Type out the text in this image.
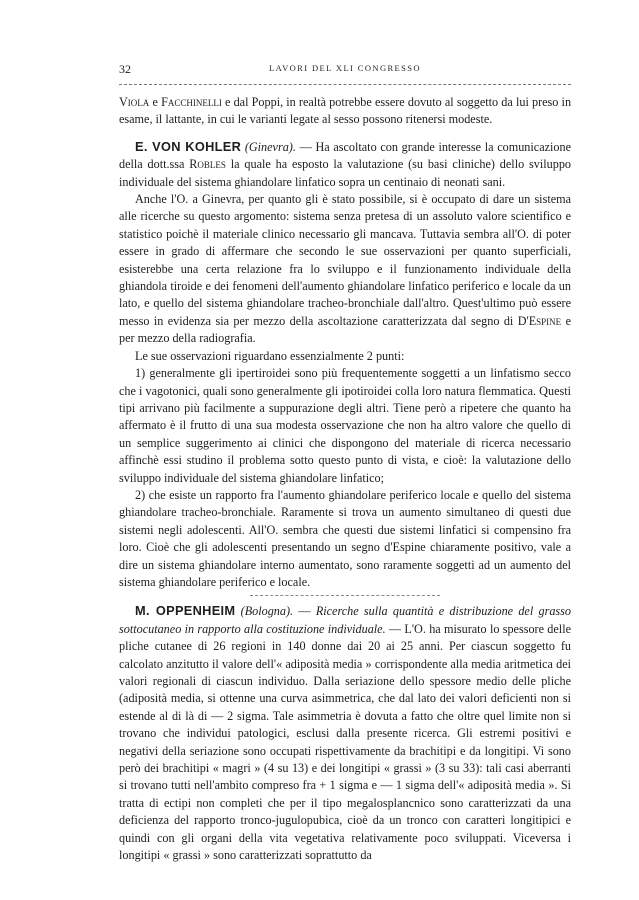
32	LAVORI DEL XLI CONGRESSO

Viola e Facchinelli e dal Poppi, in realtà potrebbe essere dovuto al soggetto da lui preso in esame, il lattante, in cui le varianti legate al sesso possono ritenersi modeste.

E. VON KOHLER (Ginevra). — Ha ascoltato con grande interesse la comunicazione della dott.ssa Robles la quale ha esposto la valutazione (su basi cliniche) dello sviluppo individuale del sistema ghiandolare linfatico sopra un centinaio di neonati sani.

Anche l'O. a Ginevra, per quanto gli è stato possibile, si è occupato di dare un sistema alle ricerche su questo argomento: sistema senza pretesa di un assoluto valore scientifico e statistico poichè il materiale clinico necessario gli mancava. Tuttavia sembra all'O. di poter essere in grado di affermare che secondo le sue osservazioni per quanto superficiali, esisterebbe una certa relazione fra lo sviluppo e il funzionamento individuale della ghiandola tiroide e dei fenomeni dell'aumento ghiandolare linfatico periferico e locale da un lato, e quello del sistema ghiandolare tracheo-bronchiale dall'altro. Quest'ultimo può essere messo in evidenza sia per mezzo della ascoltazione caratterizzata dal segno di D'Espine e per mezzo della radiografia.

Le sue osservazioni riguardano essenzialmente 2 punti:

1) generalmente gli ipertiroidei sono più frequentemente soggetti a un linfatismo secco che i vagotonici, quali sono generalmente gli ipotiroidei colla loro natura flemmatica. Questi tipi arrivano più facilmente a suppurazione degli altri. Tiene però a ripetere che quanto ha affermato è il frutto di una sua modesta osservazione che non ha altro valore che quello di un semplice suggerimento ai clinici che dispongono del materiale di ricerca necessario affinchè essi studino il problema sotto questo punto di vista, e cioè: la valutazione dello sviluppo individuale del sistema ghiandolare linfatico;

2) che esiste un rapporto fra l'aumento ghiandolare periferico locale e quello del sistema ghiandolare tracheo-bronchiale. Raramente si trova un aumento simultaneo di questi due sistemi negli adolescenti. All'O. sembra che questi due sistemi linfatici si compensino fra loro. Cioè che gli adolescenti presentando un segno d'Espine chiaramente positivo, vale a dire un sistema ghiandolare interno aumentato, sono raramente soggetti ad un aumento del sistema ghiandolare periferico e locale.

M. OPPENHEIM (Bologna). — Ricerche sulla quantità e distribuzione del grasso sottocutaneo in rapporto alla costituzione individuale. — L'O. ha misurato lo spessore delle pliche cutanee di 26 regioni in 140 donne dai 20 ai 25 anni. Per ciascun soggetto fu calcolato anzitutto il valore dell'« adiposità media » corrispondente alla media aritmetica dei valori regionali di ciascun individuo. Dalla seriazione dello spessore medio delle pliche (adiposità media, si ottenne una curva asimmetrica, che dal lato dei valori deficienti non si estende al di là di — 2 sigma. Tale asimmetria è dovuta a fatto che oltre quel limite non si trovano che individui patologici, esclusi dalla presente ricerca. Gli estremi positivi e negativi della seriazione sono occupati rispettivamente da brachitipi e da longitipi. Vi sono però dei brachitipi « magri » (4 su 13) e dei longitipi « grassi » (3 su 33): tali casi aberranti si trovano tutti nell'ambito compreso fra + 1 sigma e — 1 sigma dell'« adiposità media ». Si tratta di ectipi non completi che per il tipo megalosplancnico sono caratterizzati da una deficienza del rapporto tronco-jugulopubica, cioè da un tronco con caratteri longitipici e quindi con gli organi della vita vegetativa relativamente poco sviluppati. Viceversa i longitipi « grassi » sono caratterizzati soprattutto da
